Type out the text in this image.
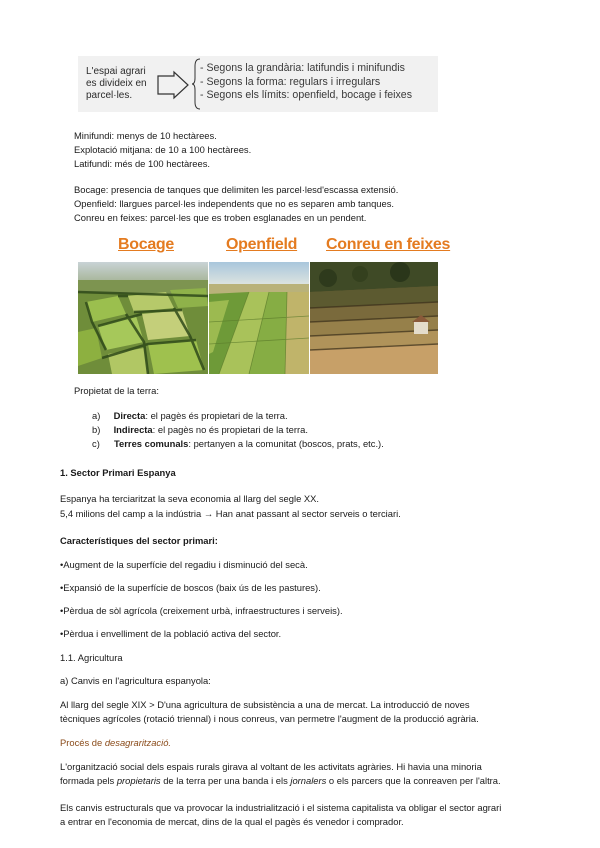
L'espai agrari es divideix en parcel·les.
- Segons la grandària: latifundis i minifundis
- Segons la forma: regulars i irregulars
- Segons els límits: openfield, bocage i feixes
Minifundi: menys de 10 hectàrees.
Explotació mitjana: de 10 a 100 hectàrees.
Latifundi: més de 100 hectàrees.
Bocage: presencia de tanques que delimiten les parcel·lesd'escassa extensió.
Openfield: llargues parcel·les independents que no es separen amb tanques.
Conreu en feixes: parcel·les que es troben esglanades en un pendent.
Bocage	Openfield Conreu en feixes
Propietat de la terra:
a) Directa: el pagès és propietari de la terra.
b) Indirecta: el pagès no és propietari de la terra.
c) Terres comunals: pertanyen a la comunitat (boscos, prats, etc.).
1. Sector Primari Espanya
Espanya ha terciaritzat la seva economia al llarg del segle XX.
5,4 milions del camp a la indústria → Han anat passant al sector serveis o terciari.
Característiques del sector primari:
•Augment de la superfície del regadiu i disminució del secà.
•Expansió de la superfície de boscos (baix ús de les pastures).
•Pèrdua de sòl agrícola (creixement urbà, infraestructures i serveis).
•Pèrdua i envelliment de la població activa del sector.
1.1. Agricultura
a) Canvis en l'agricultura espanyola:
Al llarg del segle XIX > D'una agricultura de subsistència a una de mercat. La introducció de noves
tècniques agrícoles (rotació triennal) i nous conreus, van permetre l'augment de la producció agrària.
Procés de desagrarització.
L'organització social dels espais rurals girava al voltant de les activitats agràries. Hi havia una minoria
formada pels propietaris de la terra per una banda i els jornalers o els parcers que la conreaven per l'altra.
Els canvis estructurals que va provocar la industrialització i el sistema capitalista va obligar el sector agrari
a entrar en l'economia de mercat, dins de la qual el pagès és venedor i comprador.
